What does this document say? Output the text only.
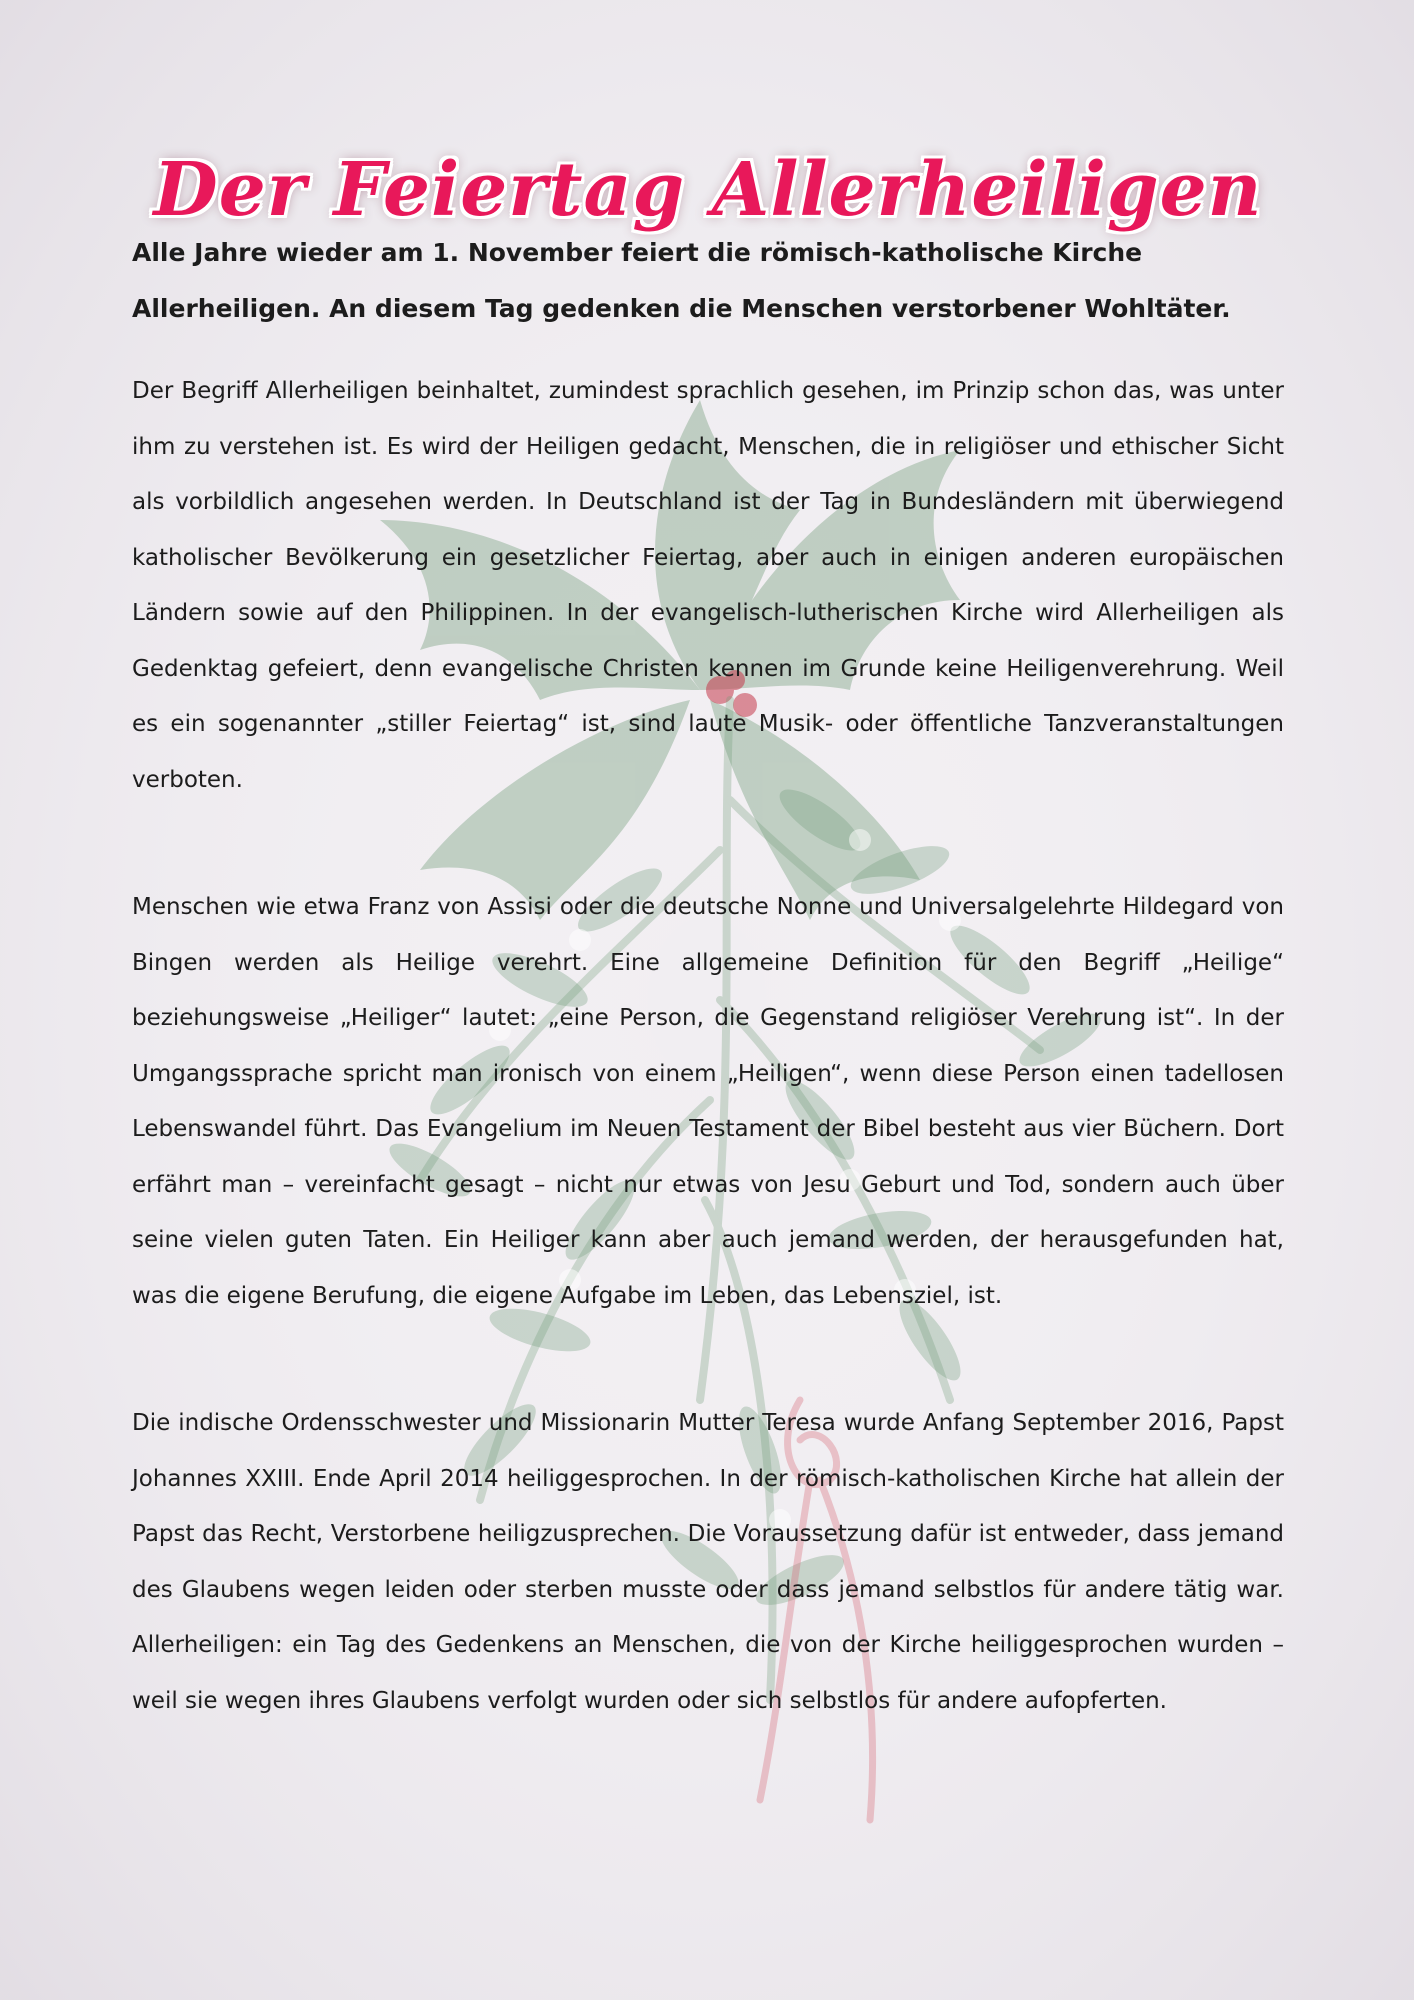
Der Feiertag Allerheiligen

Alle Jahre wieder am 1. November feiert die römisch-katholische Kirche Allerheiligen. An diesem Tag gedenken die Menschen verstorbener Wohltäter.

Der Begriff Allerheiligen beinhaltet, zumindest sprachlich gesehen, im Prinzip schon das, was unter ihm zu verstehen ist. Es wird der Heiligen gedacht, Menschen, die in religiöser und ethischer Sicht als vorbildlich angesehen werden. In Deutschland ist der Tag in Bundesländern mit überwiegend katholischer Bevölkerung ein gesetzlicher Feiertag, aber auch in einigen anderen europäischen Ländern sowie auf den Philippinen. In der evangelisch-lutherischen Kirche wird Allerheiligen als Gedenktag gefeiert, denn evangelische Christen kennen im Grunde keine Heiligenverehrung. Weil es ein sogenannter „stiller Feiertag“ ist, sind laute Musik- oder öffentliche Tanzveranstaltungen verboten.

Menschen wie etwa Franz von Assisi oder die deutsche Nonne und Universalgelehrte Hildegard von Bingen werden als Heilige verehrt. Eine allgemeine Definition für den Begriff „Heilige“ beziehungsweise „Heiliger“ lautet: „eine Person, die Gegenstand religiöser Verehrung ist“. In der Umgangssprache spricht man ironisch von einem „Heiligen“, wenn diese Person einen tadellosen Lebenswandel führt. Das Evangelium im Neuen Testament der Bibel besteht aus vier Büchern. Dort erfährt man – vereinfacht gesagt – nicht nur etwas von Jesu Geburt und Tod, sondern auch über seine vielen guten Taten. Ein Heiliger kann aber auch jemand werden, der herausgefunden hat, was die eigene Berufung, die eigene Aufgabe im Leben, das Lebensziel, ist.

Die indische Ordensschwester und Missionarin Mutter Teresa wurde Anfang September 2016, Papst Johannes XXIII. Ende April 2014 heiliggesprochen. In der römisch-katholischen Kirche hat allein der Papst das Recht, Verstorbene heiligzusprechen. Die Voraussetzung dafür ist entweder, dass jemand des Glaubens wegen leiden oder sterben musste oder dass jemand selbstlos für andere tätig war. Allerheiligen: ein Tag des Gedenkens an Menschen, die von der Kirche heiliggesprochen wurden – weil sie wegen ihres Glaubens verfolgt wurden oder sich selbstlos für andere aufopferten.
